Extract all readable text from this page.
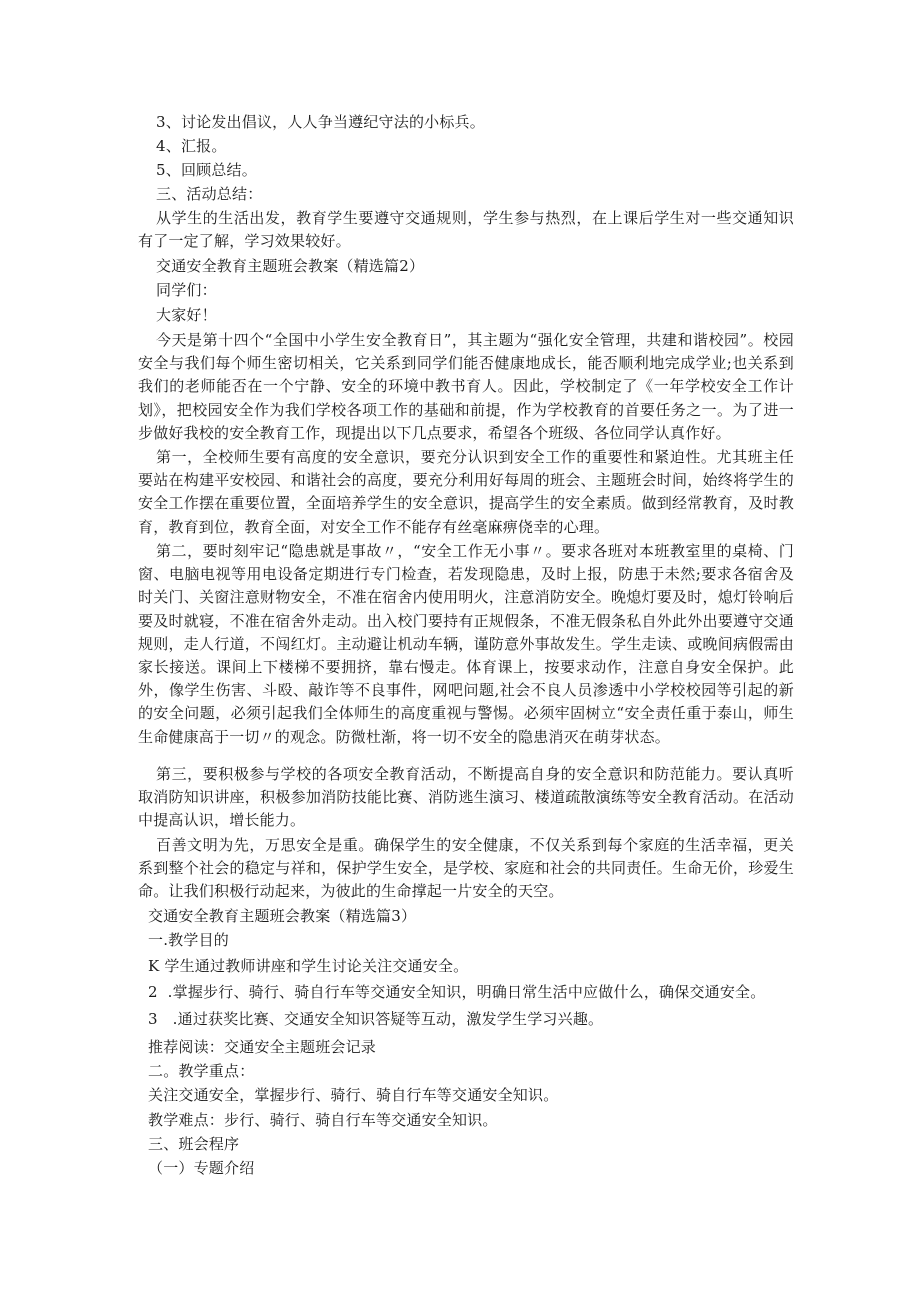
3、讨论发出倡议，人人争当遵纪守法的小标兵。
4、汇报。
5、回顾总结。
三、活动总结：
从学生的生活出发，教育学生要遵守交通规则，学生参与热烈，在上课后学生对一些交通知识有了一定了解，学习效果较好。
交通安全教育主题班会教案（精选篇2）
同学们：
大家好！
今天是第十四个“全国中小学生安全教育日”，其主题为“强化安全管理，共建和谐校园”。校园安全与我们每个师生密切相关，它关系到同学们能否健康地成长，能否顺利地完成学业;也关系到我们的老师能否在一个宁静、安全的环境中教书育人。因此，学校制定了《一年学校安全工作计划》，把校园安全作为我们学校各项工作的基础和前提，作为学校教育的首要任务之一。为了进一步做好我校的安全教育工作，现提出以下几点要求，希望各个班级、各位同学认真作好。
第一，全校师生要有高度的安全意识，要充分认识到安全工作的重要性和紧迫性。尤其班主任要站在构建平安校园、和谐社会的高度，要充分利用好每周的班会、主题班会时间，始终将学生的安全工作摆在重要位置，全面培养学生的安全意识，提高学生的安全素质。做到经常教育，及时教育，教育到位，教育全面，对安全工作不能存有丝毫麻痹侥幸的心理。
第二，要时刻牢记“隐患就是事故〃，“安全工作无小事〃。要求各班对本班教室里的桌椅、门窗、电脑电视等用电设备定期进行专门检查，若发现隐患，及时上报，防患于未然;要求各宿舍及时关门、关窗注意财物安全，不准在宿舍内使用明火，注意消防安全。晚熄灯要及时，熄灯铃响后要及时就寝，不准在宿舍外走动。出入校门要持有正规假条，不准无假条私自外此外出要遵守交通规则，走人行道，不闯红灯。主动避让机动车辆，谨防意外事故发生。学生走读、或晚间病假需由家长接送。课间上下楼梯不要拥挤，靠右慢走。体育课上，按要求动作，注意自身安全保护。此外，像学生伤害、斗殴、敲诈等不良事件，网吧问题,社会不良人员渗透中小学校校园等引起的新的安全问题，必须引起我们全体师生的高度重视与警惕。必须牢固树立“安全责任重于泰山，师生生命健康高于一切〃的观念。防微杜渐，将一切不安全的隐患消灭在萌芽状态。
第三，要积极参与学校的各项安全教育活动，不断提高自身的安全意识和防范能力。要认真听取消防知识讲座，积极参加消防技能比赛、消防逃生演习、楼道疏散演练等安全教育活动。在活动中提高认识，增长能力。
百善文明为先，万思安全是重。确保学生的安全健康，不仅关系到每个家庭的生活幸福，更关系到整个社会的稳定与祥和，保护学生安全，是学校、家庭和社会的共同责任。生命无价，珍爱生命。让我们积极行动起来，为彼此的生命撑起一片安全的天空。
交通安全教育主题班会教案（精选篇3）
一.教学目的
K 学生通过教师讲座和学生讨论关注交通安全。
2  .掌握步行、骑行、骑自行车等交通安全知识，明确日常生活中应做什么，确保交通安全。
3   .通过获奖比赛、交通安全知识答疑等互动，激发学生学习兴趣。
推荐阅读：交通安全主题班会记录
二。教学重点：
关注交通安全，掌握步行、骑行、骑自行车等交通安全知识。
教学难点：步行、骑行、骑自行车等交通安全知识。
三、班会程序
（一）专题介绍
